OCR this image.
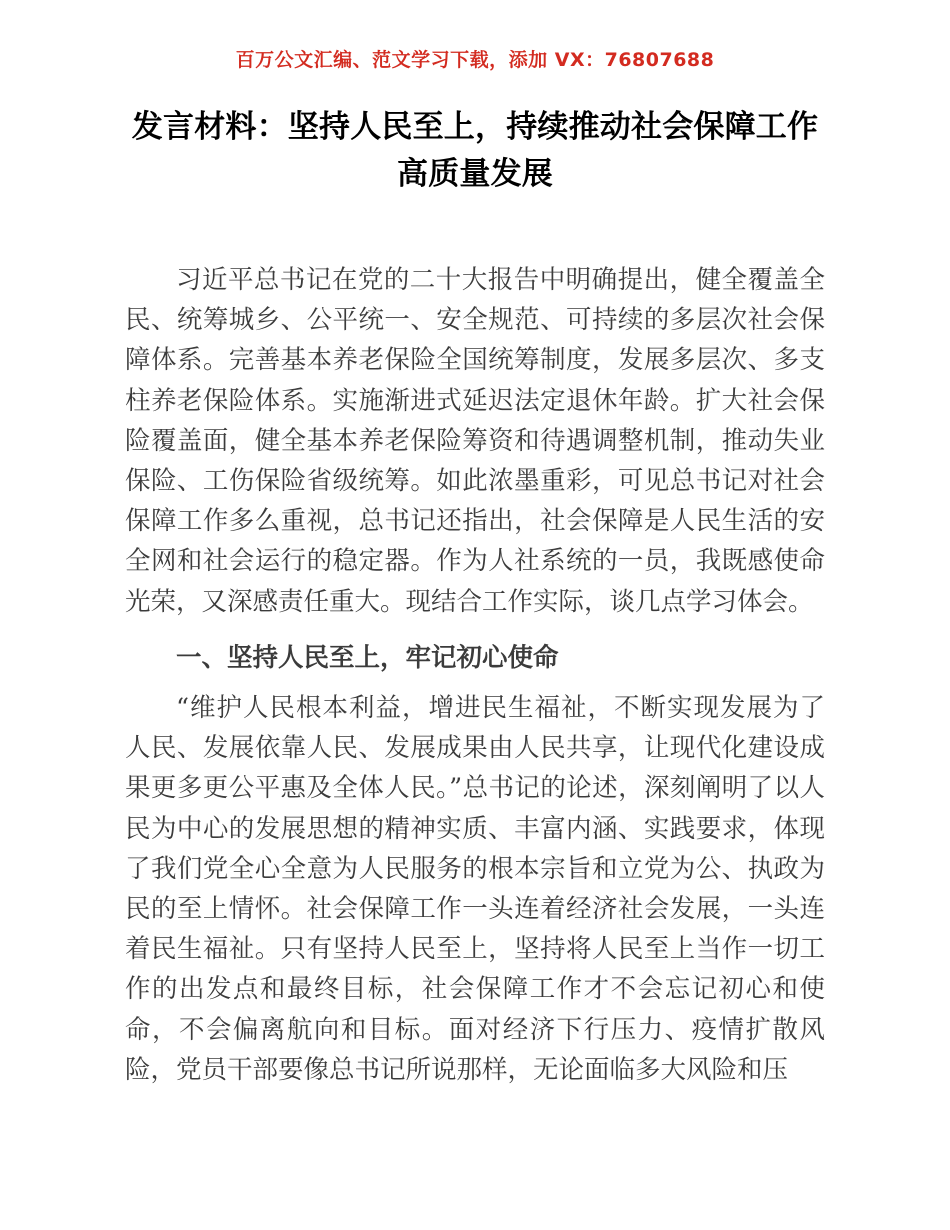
百万公文汇编、范文学习下载，添加 VX：76807688
发言材料：坚持人民至上，持续推动社会保障工作高质量发展

习近平总书记在党的二十大报告中明确提出，健全覆盖全民、统筹城乡、公平统一、安全规范、可持续的多层次社会保障体系。完善基本养老保险全国统筹制度，发展多层次、多支柱养老保险体系。实施渐进式延迟法定退休年龄。扩大社会保险覆盖面，健全基本养老保险筹资和待遇调整机制，推动失业保险、工伤保险省级统筹。如此浓墨重彩，可见总书记对社会保障工作多么重视，总书记还指出，社会保障是人民生活的安全网和社会运行的稳定器。作为人社系统的一员，我既感使命光荣，又深感责任重大。现结合工作实际，谈几点学习体会。

一、坚持人民至上，牢记初心使命

“维护人民根本利益，增进民生福祉，不断实现发展为了人民、发展依靠人民、发展成果由人民共享，让现代化建设成果更多更公平惠及全体人民。”总书记的论述，深刻阐明了以人民为中心的发展思想的精神实质、丰富内涵、实践要求，体现了我们党全心全意为人民服务的根本宗旨和立党为公、执政为民的至上情怀。社会保障工作一头连着经济社会发展，一头连着民生福祉。只有坚持人民至上，坚持将人民至上当作一切工作的出发点和最终目标，社会保障工作才不会忘记初心和使命，不会偏离航向和目标。面对经济下行压力、疫情扩散风险，党员干部要像总书记所说那样，无论面临多大风险和压
